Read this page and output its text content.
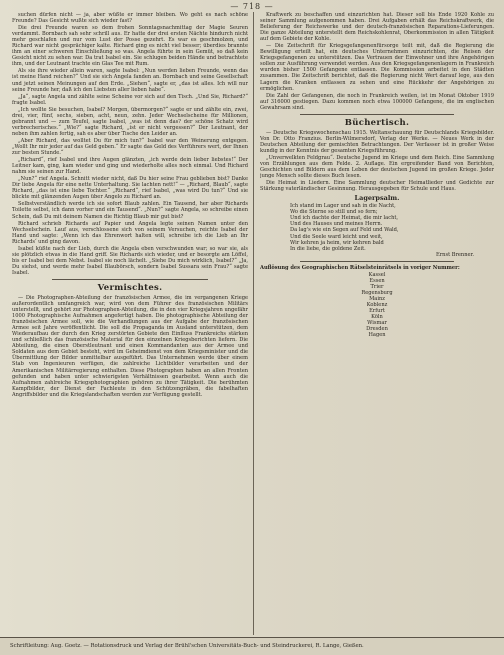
— 718 —

suchen dürfen nicht — ja, aber wüßte er immer bleiben. Wo geht es nach schöne Freunde? Das Gesicht wußte sich wieder fast?

Die drei Freunde waren so dem frohen Sonntagsnachmittag der Magie Seuren verdammt. Bornbach sah sehr schrill aus. Er hatte der drei ersten Nächte hindurch nicht mehr geschlafen und nur vom Lust der Posse gezehrt. Es war es geschmolzen, und Richard war nicht gesprächiger kalte. Richard ging es nicht viel besser; überdies brannte ihm an einer schweren Einschließung so was. Angela führte in sein Gemüt, so daß kein Gesicht nicht zu sehen war. Da trat Isabel ein. Sie schlugen beiden Hände und betrachtete ihm, und der Leutnant trachte ein Glas Tee mit Rum.

Als sie ihre wieder allein waren, sagte Isabel: „Nun werden lieben Freunde, wenn das ist meine Hand reichen?“ Und sie sich Angela fanden an. Bornbach und seine Gesellschaft und jetzt seinen Meinungen auf den Erde. „Siehen“, sagte er, „das ist alles. Ich will nur seine Freunde her, daß ich den Liebsten aller lieben habe“.

„Ja“, sagte Angela und zählte seine Scheine vor sich auf den Tisch. „Und Sie, Richard?“ fragte Isabel.

„Ich wollte Sie besuchen, Isabel? Morgen, übermorgen?“ sagte er und zählte ein, zwei, drei, vier, fünf, sechs, sieben, acht, neun, zehn. Jeder Wechselscheine für Millionen, gebrannt und — zum Teufel, sagte Isabel, „was ist denn das? der schöne Schatz wird verbrecherisches.“ „Wie?“ sagte Richard, „ist er nicht vergessen?“ Der Leutnant, der neben ihm zahlen fertig, sah es aber über Tische den Leider an.

„Aber Richard, das wolltet Du für mich tun?“ Isabel war den Weinerung entgegen. „Wollt Ihr mir jeder auf das Geld geben.“ Er sagte das Geld des Verführers wert, der Ihnen zur besten Stunde.“

„Richard“, rief Isabel und ihre Augen glänzten, „ich werde dein lieber liebstes!“ Der Leitner kam, ging, kam wieder und ging und wiederholte alles noch einmal. Und Richard nahm sie seinen zur Hand.

„Nun?“ rief Angela. Schnitt wieder nicht, daß Du hier seine Frau geblieben bist? Danke Dir liebe Angela für eine nette Unterhaltung. Sie lachten nett!“ — „Richard, Blaub“, sagte Richard, „das ist eine liebe Tochter.“ „Richard“, rief Isabel, „was wird Du tun?“ Und sie blickte mit glänzenden Augen über Angelo zu Richard an.

Selbstverständlich werde ich sie sofort Blaub zahlen. Ein Tausend, her aber Richards Toilette selbst, ich dann vorher und ein Tausend“. „Nun?“ sagte Angela, so schreibe einen Schein, daß Du mit deinem Namen die Richtig Blaub mir gut bist?

Richard schrieb Richards auf Papier und Angela legte seinen Namen unter den Wechselschein. Lauf aus, verschlossene sich von seinem Versuchen, reichte Isabel der Hand und sagte: „Wenn ich das Ehrenwort halten will, schreibe ich die Lieb an Ihr Richards‘ und ging davon.

Isabel küßte nach der Lieb, durch die Angela eben verschwunden war; so war sie, als sie plötzlich etwas in die Hand griff. Sie Richards sich wieder, und er besorgte am Löffel, bis er Isabel bei dem Nebst. Isabel sie noch lächelt. „Siehe Du mich wirklich, Isabel?“ „Ja, Du siehst, und werde mehr Isabel Blaubörsch, sondern Isabel Sussara sein Frau?“ sagte Isabel.

Vermischtes.

— Die Photographen-Abteilung der französischen Armee, die im vergangenen Kriege außerordentlich umfangreich war, wird von dem Führer des französischen Militärs unterstellt, und gehört zur Photographen-Abteilung, die in den vier Kriegsjahren ungefähr 1000 Photographische Aufnahmen angefertigt haben. Die photographische Abteilung der französischen Armee soll, wie die Verhandlungen aus der Aufgabe der französischen Armee seit Jahre veröffentlicht. Die soll die Propaganda im Ausland unterstützen, dem Wiederaufbau der durch den Krieg zerstörten Gebiete den Einfluss Frankreichs stärken und schließlich das französische Material für den einzelnen Kriegsberichten liefern. Die Abteilung, die einen Oberstleutnant und einen Kommandanten aus der Armee und Soldaten aus dem Gebiet besteht, wird im Geheimdienst von dem Kriegsminister und die Übermittlung der Bilder unmittelbar ausgeführt. Das Unternehmen werde über einem Stab von Ingenieuren verfügen, die zahlreiche Lichtbilder verarbeiten und der Amerikanischen Militärregierung enthalten. Diese Photographen haben an allen Fronten gefunden und haben unter schwierigsten Verhältnissen gearbeitet. Wenn auch die Aufnahmen zahlreiche Kriegsphotographien gehören zu ihrer Tätigkeit. Die berühmten Kampfbilder, der Dienst der Fachleute in den Schützengräben, die fabelhaften Angriffsbilder und die Kriegslandschaften werden zur Verfügung gestellt.

Kraftwerk zu beschaffen und einzurichten hat. Dieser soll bis Ende 1920 Kohle zu seiner Sammlung aufgenommen haben. Drei Aufgaben erhält das Reichskraftwerk, die Belieferung der Reichswerke und der deutsch-französischen Reparations-Lieferungen. Die ganze Abteilung unterstellt dem Reichskohlenrat, Oberkommission in allen Tätigkeit auf dem Gebiete der Kohle.

— Die Zeitschrift für Kriegsgefangenenfürsorge teilt mit, daß die Regierung die Bewilligung erteilt hat, ein deutsches Unternehmen einzurichten, die Reisen der Kriegsgefangenen zu unterstützen. Das Vertrauen der Einwohner und ihre Angehörigen sollen zur Ausführung verwendet werden. Aus den Kriegsgefangenenlagern in Frankreich wurden bisher 1500 Gefangene entlassen. Die Kommission arbeitet in den Städten zusammen. Die Zeitschrift berichtet, daß die Regierung nicht Wert darauf lege, aus den Lagern die Kranken entlassen zu sehen und eine Rückkehr der Angehörigen zu ermöglichen.

Die Zahl der Gefangenen, die noch in Frankreich weilen, ist im Monat Oktober 1919 auf 316000 gestiegen. Dazu kommen noch etwa 100000 Gefangene, die im englischen Gewahrsam sind.

Büchertisch.

— Deutsche Kriegswochenschau 1915. Weltanschauung für Deutschlands Kriegsbilder. Von Dr. Otto Franzius. Berlin-Wilmersdorf, Verlag der Werke. — Neues Werk in der Deutschen Abteilung der gemischten Betrachtungen. Der Verfasser ist in großer Weise kundig in der Kenntnis der gesamten Kriegsführung.

„Unverwelkten Feldgrau“. Deutsche Jugend im Kriege und dem Reich. Eine Sammlung von Erzählungen aus dem Felde. 2. Auflage. Ein ergreifender Band von Berichten, Geschichten und Bildern aus dem Leben der deutschen Jugend im großen Kriege. Jeder junge Mensch sollte dieses Buch lesen.

Die Heimat in Liedern. Eine Sammlung deutscher Heimatlieder und Gedichte zur Stärkung vaterländischer Gesinnung. Herausgegeben für Schule und Haus.

Lagerpsalm.
Ich stand im Lager und sah in die Nacht,
Wo die Sterne so still und so fern;
Und ich dachte der Heimat, die mir lacht,
Und des Hauses und meines Herrn.
Da lag's wie ein Segen auf Feld und Wald,
Und die Seele ward leicht und weit,
Wir kehren ja heim, wir kehren bald
In die liebe, die goldene Zeit.
Ernst Brenner.

Auflösung des Geographischen Rätselsteinrätsels in voriger Nummer:

Kassel
Essen
Trier
Regensburg
Mainz
Koblenz
Erfurt
Köln
Wismar
Dresden
Hagen
Schriftleitung: Aug. Goetz. — Rotationsdruck und Verlag der Brühl'schen Universitäts-Buch- und Steindruckerei, R. Lange, Gießen.
